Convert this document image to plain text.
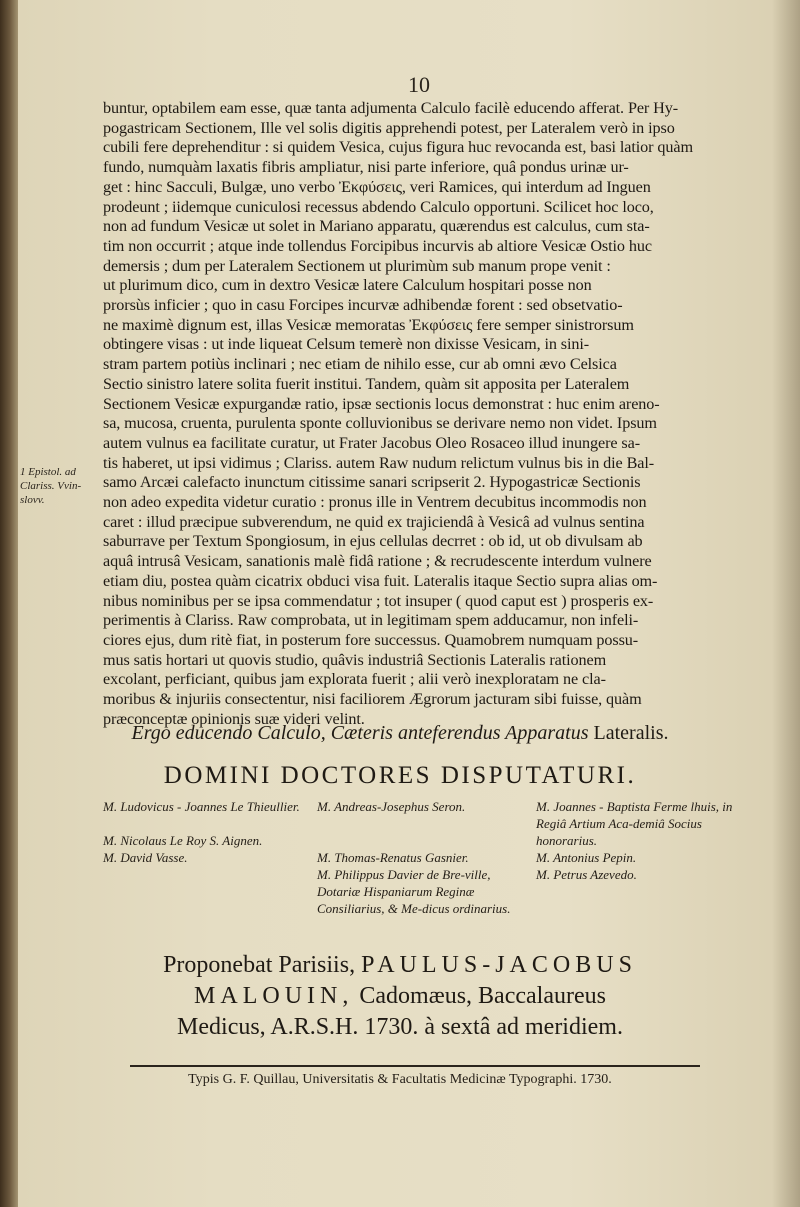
10
buntur, optabilem eam esse, quæ tanta adjumenta Calculo facilè educendo afferat. Per Hy-
pogastricam Sectionem, Ille vel solis digitis apprehendi potest, per Lateralem verò in ipso
cubili fere deprehenditur : si quidem Vesica, cujus figura huc revocanda est, basi latior quàm
fundo, numquàm laxatis fibris ampliatur, nisi parte inferiore, quâ pondus urinæ ur-
get : hinc Sacculi, Bulgæ, uno verbo Ἐκφύσεις, veri Ramices, qui interdum ad Inguen
prodeunt ; iidemque cuniculosi recessus abdendo Calculo opportuni. Scilicet hoc loco,
non ad fundum Vesicæ ut solet in Mariano apparatu, quærendus est calculus, cum sta-
tim non occurrit ; atque inde tollendus Forcipibus incurvis ab altiore Vesicæ Ostio huc
demersis ; dum per Lateralem Sectionem ut plurimùm sub manum prope venit :
ut plurimum dico, cum in dextro Vesicæ latere Calculum hospitari posse non
prorsùs inficier ; quo in casu Forcipes incurvæ adhibendæ forent : sed obsetvatio-
ne maximè dignum est, illas Vesicæ memoratas Ἐκφύσεις fere semper sinistrorsum
obtingere visas : ut inde liqueat Celsum temerè non dixisse Vesicam, in sini-
stram partem potiùs inclinari ; nec etiam de nihilo esse, cur ab omni ævo Celsica
Sectio sinistro latere solita fuerit institui. Tandem, quàm sit apposita per Lateralem
Sectionem Vesicæ expurgandæ ratio, ipsæ sectionis locus demonstrat : huc enim areno-
sa, mucosa, cruenta, purulenta sponte colluvionibus se derivare nemo non videt. Ipsum
autem vulnus ea facilitate curatur, ut Frater Jacobus Oleo Rosaceo illud inungere sa-
tis haberet, ut ipsi vidimus ; Clariss. autem Raw nudum relictum vulnus bis in die Bal-
samo Arcæi calefacto inunctum citissime sanari scripserit 2. Hypogastricæ Sectionis
non adeo expedita videtur curatio : pronus ille in Ventrem decubitus incommodis non
caret : illud præcipue subverendum, ne quid ex trajiciendâ à Vesicâ ad vulnus sentina
saburrave per Textum Spongiosum, in ejus cellulas decrret : ob id, ut ob divulsam ab
aquâ intrusâ Vesicam, sanationis malè fidâ ratione ; & recrudescente interdum vulnere
etiam diu, postea quàm cicatrix obduci visa fuit. Lateralis itaque Sectio supra alias om-
nibus nominibus per se ipsa commendatur ; tot insuper ( quod caput est ) prosperis ex-
perimentis à Clariss. Raw comprobata, ut in legitimam spem adducamur, non infeli-
ciores ejus, dum ritè fiat, in posterum fore successus. Quamobrem numquam possu-
mus satis hortari ut quovis studio, quâvis industriâ Sectionis Lateralis rationem
excolant, perficiant, quibus jam explorata fuerit ; alii verò inexploratam ne cla-
moribus & injuriis consectentur, nisi faciliorem Ægrorum jacturam sibi fuisse, quàm
præconceptæ opinionis suæ videri velint.
1 Epistol. ad
Clariss. Vvin-
slovv.
Ergo educendo Calculo, Cæteris anteferendus Apparatus Lateralis.
DOMINI DOCTORES DISPUTATURI.
M. Ludovicus - Joannes Le Thieullier.
M. Nicolaus Le Roy S. Aignen.
M. David Vasse.
M. Andreas-Josephus Seron.
M. Thomas-Renatus Gasnier.
M. Philippus Davier de Bre-ville, Dotariæ Hispaniarum Reginæ Consiliarius, & Me-dicus ordinarius.
M. Joannes - Baptista Ferme lhuis, in Regiâ Artium Aca-demiâ Socius honorarius.
M. Antonius Pepin.
M. Petrus Azevedo.
Proponebat Parisiis, PAULUS-JACOBUS
MALOUIN, Cadomæus, Baccalaureus
Medicus, A.R.S.H. 1730. à sextâ ad meridiem.
Typis G. F. Quillau, Universitatis & Facultatis Medicinæ Typographi. 1730.
